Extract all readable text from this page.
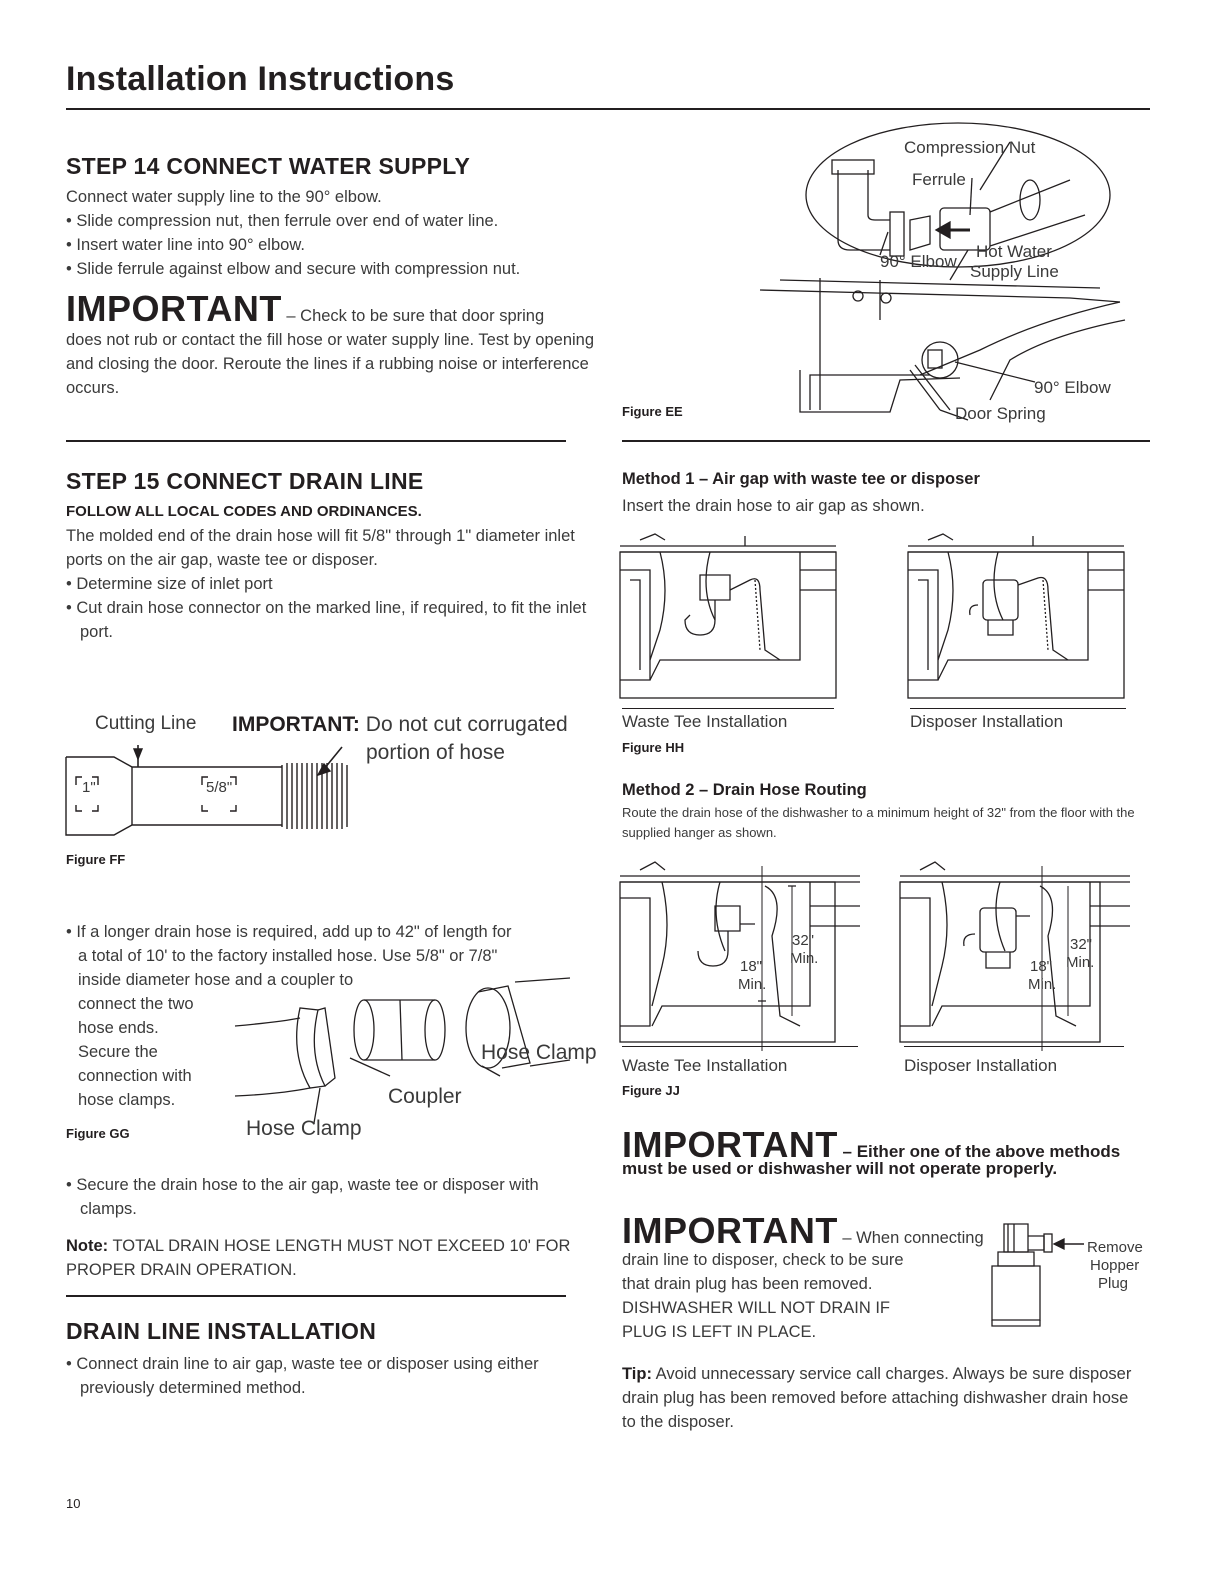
Installation Instructions
STEP 14 CONNECT WATER SUPPLY

Connect water supply line to the 90° elbow.

• Slide compression nut, then ferrule over end of water line.

• Insert water line into 90° elbow.

• Slide ferrule against elbow and secure with compression nut.

IMPORTANT – Check to be sure that door spring
does not rub or contact the fill hose or water supply line. Test by opening and closing the door. Reroute the lines if a rubbing noise or interference occurs.
Figure EE
Compression Nut
Ferrule
90° Elbow
Hot Water
Supply Line
90° Elbow
Door Spring
STEP 15 CONNECT DRAIN LINE
FOLLOW ALL LOCAL CODES AND ORDINANCES.

The molded end of the drain hose will fit 5/8" through 1" diameter inlet ports on the air gap, waste tee or disposer.

• Determine size of inlet port

• Cut drain hose connector on the marked line, if required, to fit the inlet port.

Cutting Line IMPORTANT: Do not cut corrugated
portion of hose
1"	5/8"
Figure FF

• If a longer drain hose is required, add up to 42" of length for

a total of 10' to the factory installed hose. Use 5/8" or 7/8"

inside diameter hose and a coupler to

connect the two

hose ends.

Secure the

connection with

hose clamps.

Hose Clamp
Coupler
Figure GG	Hose Clamp

• Secure the drain hose to the air gap, waste tee or disposer with clamps.

Note: TOTAL DRAIN HOSE LENGTH MUST NOT EXCEED 10' FOR PROPER DRAIN OPERATION.
DRAIN LINE INSTALLATION

• Connect drain line to air gap, waste tee or disposer using either previously determined method.

Method 1 – Air gap with waste tee or disposer
Insert the drain hose to air gap as shown.
Waste Tee Installation	Disposer Installation
Figure HH
Method 2 – Drain Hose Routing
Route the drain hose of the dishwasher to a minimum height of 32" from the floor with the supplied hanger as shown.
32"
Min.
18"
Min.
32"
Min.
18"
Min.
Waste Tee Installation	Disposer Installation
Figure JJ
IMPORTANT – Either one of the above methods
must be used or dishwasher will not operate properly.
IMPORTANT – When connecting

drain line to disposer, check to be sure

that drain plug has been removed.

DISHWASHER WILL NOT DRAIN IF

PLUG IS LEFT IN PLACE.

Remove
Hopper
Plug
Tip: Avoid unnecessary service call charges. Always be sure disposer drain plug has been removed before attaching dishwasher drain hose to the disposer.
10
